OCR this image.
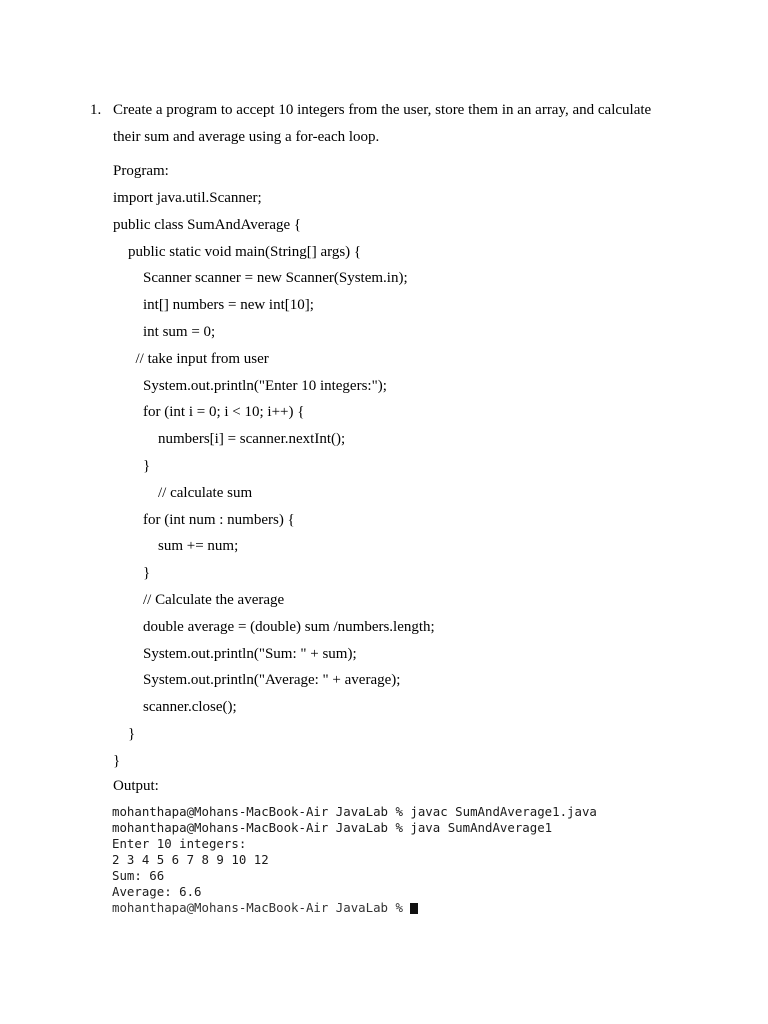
1. Create a program to accept 10 integers from the user, store them in an array, and calculate
their sum and average using a for-each loop.
Program:
import java.util.Scanner;
public class SumAndAverage {
public static void main(String[] args) {
Scanner scanner = new Scanner(System.in);
int[] numbers = new int[10];
int sum = 0;
// take input from user
System.out.println("Enter 10 integers:");
for (int i = 0; i < 10; i++) {
numbers[i] = scanner.nextInt();
}
// calculate sum
for (int num : numbers) {
sum += num;
}
// Calculate the average
double average = (double) sum /numbers.length;
System.out.println("Sum: " + sum);
System.out.println("Average: " + average);
scanner.close();
}
}
Output:
mohanthapa@Mohans-MacBook-Air JavaLab % javac SumAndAverage1.java
mohanthapa@Mohans-MacBook-Air JavaLab % java SumAndAverage1
Enter 10 integers:
2 3 4 5 6 7 8 9 10 12
Sum: 66
Average: 6.6
mohanthapa@Mohans-MacBook-Air JavaLab %
